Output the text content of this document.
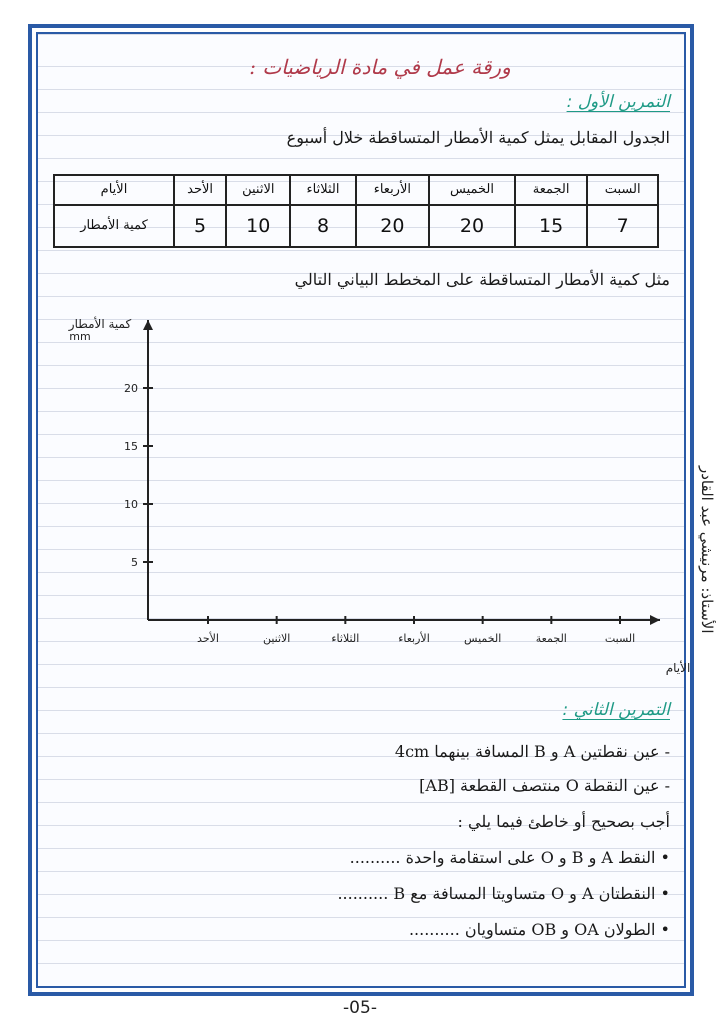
ورقة عمل في مادة الرياضيات :
التمرين الأول :
الجدول المقابل يمثل كمية الأمطار المتساقطة خلال أسبوع
السبت	الجمعة	الخميس	الأربعاء	الثلاثاء	الاثنين	الأحد	الأيام
7	15	20	20	8	10	5	كمية الأمطار
مثل كمية الأمطار المتساقطة على المخطط البياني التالي
كمية الأمطار
mm
الأيام
5
10
15
20
السبت
الجمعة
الخميس
الأربعاء
الثلاثاء
الاثنين
الأحد
الأستاذ: مرنيشي عبد القادر
التمرين الثاني :
- عين نقطتين A و B المسافة بينهما 4cm
- عين النقطة O منتصف القطعة [AB]
أجب بصحيح أو خاطئ فيما يلي :
• النقط A و B و O على استقامة واحدة ..........
• النقطتان A و O متساويتا المسافة مع B ..........
• الطولان OA و OB متساويان ..........
-05-
